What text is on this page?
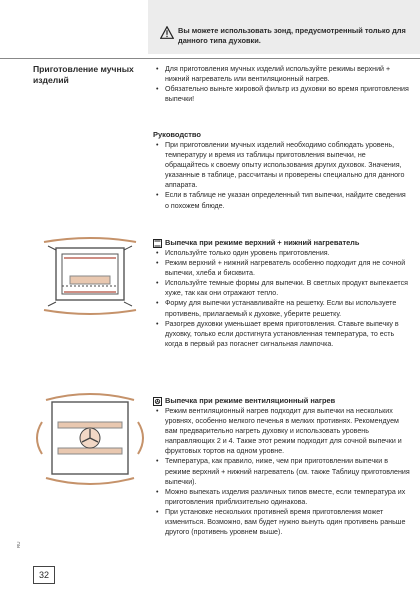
Вы можете использовать зонд, предусмотренный только для данного типа духовки.
Приготовление мучных изделий
• Для приготовления мучных изделий используйте режимы верхний + нижний нагреватель или вентиляционный нагрев.
• Обязательно выньте жировой фильтр из духовки во время приготовления выпечки!
Руководство
• При приготовлении мучных изделий необходимо соблюдать уровень, температуру и время из таблицы приготовления выпечки, не обращайтесь к своему опыту использования других духовок. Значения, указанные в таблице, рассчитаны и проверены специально для данного аппарата.
• Если в таблице не указан определенный тип выпечки, найдите сведения о похожем блюде.
Выпечка при режиме верхний + нижний нагреватель
• Используйте только один уровень приготовления.
• Режим верхний + нижний нагреватель особенно подходит для не сочной выпечки, хлеба и бисквита.
• Используйте темные формы для выпечки. В светлых продукт выпекается хуже, так как они отражают тепло.
• Форму для выпечки устанавливайте на решетку. Если вы используете противень, прилагаемый к духовке, уберите решетку.
• Разогрев духовки уменьшает время приготовления. Ставьте выпечку в духовку, только если достигнута установленная температура, то есть когда в первый раз погаснет сигнальная лампочка.
Выпечка при режиме вентиляционный нагрев
• Режим вентиляционный нагрев подходит для выпечки на нескольких уровнях, особенно мелкого печенья в мелких противнях. Рекомендуем вам предварительно нагреть духовку и использовать уровень направляющих 2 и 4. Также этот режим подходит для сочной выпечки и фруктовых тортов на одном уровне.
• Температура, как правило, ниже, чем при приготовлении выпечки в режиме верхний + нижний нагреватель (см. также Таблицу приготовления выпечки).
• Можно выпекать изделия различных типов вместе, если температура их приготовления приблизительно одинакова.
• При установке нескольких противней время приготовления может измениться. Возможно, вам будет нужно вынуть один противень раньше другого (противень уровнем выше).
RU
32
